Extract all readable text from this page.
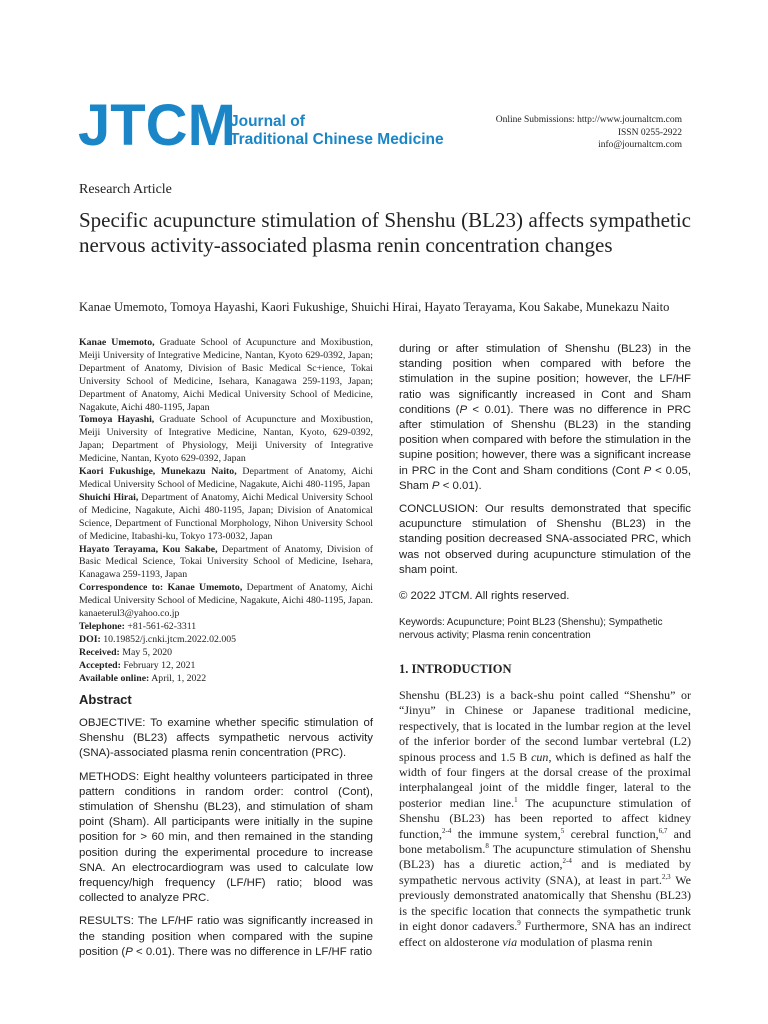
JTCM
Journal of
Traditional Chinese Medicine
Online Submissions: http://www.journaltcm.com
ISSN 0255-2922
info@journaltcm.com
Research Article
Specific acupuncture stimulation of Shenshu (BL23) affects sympathetic nervous activity-associated plasma renin concentration changes
Kanae Umemoto, Tomoya Hayashi, Kaori Fukushige, Shuichi Hirai, Hayato Terayama, Kou Sakabe, Munekazu Naito

Kanae Umemoto, Graduate School of Acupuncture and Moxibustion, Meiji University of Integrative Medicine, Nantan, Kyoto 629-0392, Japan; Department of Anatomy, Division of Basic Medical Sc+ience, Tokai University School of Medicine, Isehara, Kanagawa 259-1193, Japan; Department of Anatomy, Aichi Medical University School of Medicine, Nagakute, Aichi 480-1195, Japan

Tomoya Hayashi, Graduate School of Acupuncture and Moxibustion, Meiji University of Integrative Medicine, Nantan, Kyoto, 629-0392, Japan; Department of Physiology, Meiji University of Integrative Medicine, Nantan, Kyoto 629-0392, Japan

Kaori Fukushige, Munekazu Naito, Department of Anatomy, Aichi Medical University School of Medicine, Nagakute, Aichi 480-1195, Japan

Shuichi Hirai, Department of Anatomy, Aichi Medical University School of Medicine, Nagakute, Aichi 480-1195, Japan; Division of Anatomical Science, Department of Functional Morphology, Nihon University School of Medicine, Itabashi-ku, Tokyo 173-0032, Japan

Hayato Terayama, Kou Sakabe, Department of Anatomy, Division of Basic Medical Science, Tokai University School of Medicine, Isehara, Kanagawa 259-1193, Japan

Correspondence to: Kanae Umemoto, Department of Anatomy, Aichi Medical University School of Medicine, Nagakute, Aichi 480-1195, Japan. kanaeterul3@yahoo.co.jp

Telephone: +81-561-62-3311

DOI: 10.19852/j.cnki.jtcm.2022.02.005

Received: May 5, 2020

Accepted: February 12, 2021

Available online: April, 1, 2022

Abstract

OBJECTIVE: To examine whether specific stimulation of Shenshu (BL23) affects sympathetic nervous activity (SNA)-associated plasma renin concentration (PRC).

METHODS: Eight healthy volunteers participated in three pattern conditions in random order: control (Cont), stimulation of Shenshu (BL23), and stimulation of sham point (Sham). All participants were initially in the supine position for > 60 min, and then remained in the standing position during the experimental procedure to increase SNA. An electrocardiogram was used to calculate low frequency/high frequency (LF/HF) ratio; blood was collected to analyze PRC.

RESULTS: The LF/HF ratio was significantly increased in the standing position when compared with the supine position (P < 0.01). There was no difference in LF/HF ratio

during or after stimulation of Shenshu (BL23) in the standing position when compared with before the stimulation in the supine position; however, the LF/HF ratio was significantly increased in Cont and Sham conditions (P < 0.01). There was no difference in PRC after stimulation of Shenshu (BL23) in the standing position when compared with before the stimulation in the supine position; however, there was a significant increase in PRC in the Cont and Sham conditions (Cont P < 0.05, Sham P < 0.01).

CONCLUSION: Our results demonstrated that specific acupuncture stimulation of Shenshu (BL23) in the standing position decreased SNA-associated PRC, which was not observed during acupuncture stimulation of the sham point.

© 2022 JTCM. All rights reserved.
Keywords: Acupuncture; Point BL23 (Shenshu); Sympathetic nervous activity; Plasma renin concentration
1. INTRODUCTION
Shenshu (BL23) is a back-shu point called “Shenshu” or “Jinyu” in Chinese or Japanese traditional medicine, respectively, that is located in the lumbar region at the level of the inferior border of the second lumbar vertebral (L2) spinous process and 1.5 B cun, which is defined as half the width of four fingers at the dorsal crease of the proximal interphalangeal joint of the middle finger, lateral to the posterior median line.$^1$ The acupuncture stimulation of Shenshu (BL23) has been reported to affect kidney function,$^{2-4}$ the immune system,$^5$ cerebral function,$^{6,7}$ and bone metabolism.$^8$ The acupuncture stimulation of Shenshu (BL23) has a diuretic action,$^{2-4}$ and is mediated by sympathetic nervous activity (SNA), at least in part.$^{2,3}$ We previously demonstrated anatomically that Shenshu (BL23) is the specific location that connects the sympathetic trunk in eight donor cadavers.$^9$ Furthermore, SNA has an indirect effect on aldosterone via modulation of plasma renin
